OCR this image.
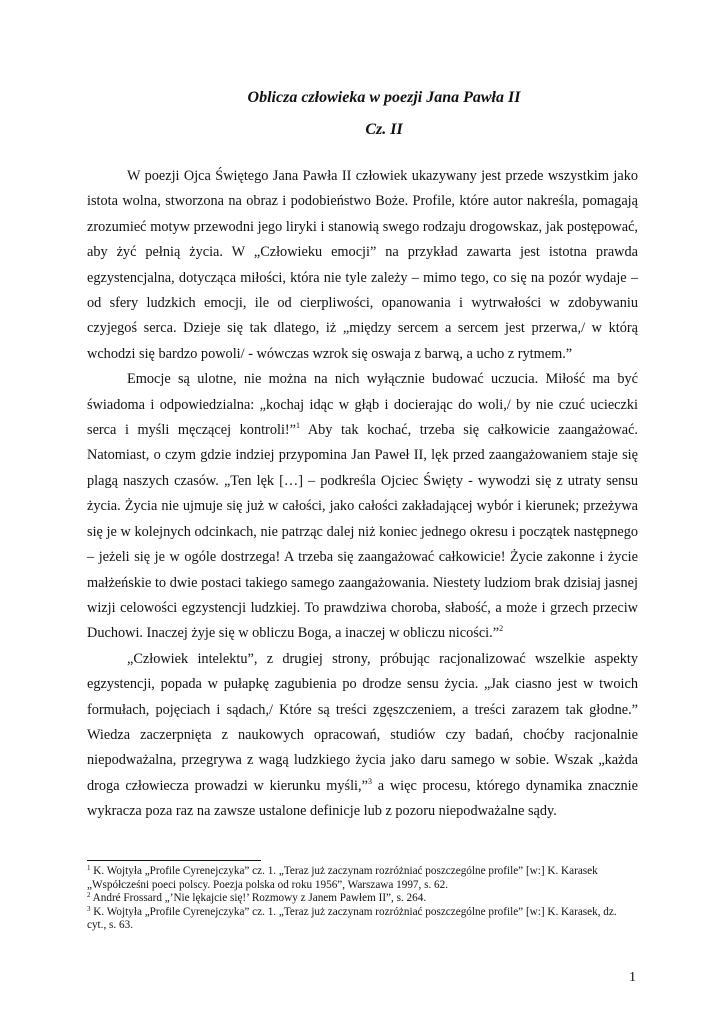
Oblicza człowieka w poezji Jana Pawła II
Cz. II

W poezji Ojca Świętego Jana Pawła II człowiek ukazywany jest przede wszystkim jako istota wolna, stworzona na obraz i podobieństwo Boże. Profile, które autor nakreśla, pomagają zrozumieć motyw przewodni jego liryki i stanowią swego rodzaju drogowskaz, jak postępować, aby żyć pełnią życia. W „Człowieku emocji” na przykład zawarta jest istotna prawda egzystencjalna, dotycząca miłości, która nie tyle zależy – mimo tego, co się na pozór wydaje – od sfery ludzkich emocji, ile od cierpliwości, opanowania i wytrwałości w zdobywaniu czyjegoś serca. Dzieje się tak dlatego, iż „między sercem a sercem jest przerwa,/ w którą wchodzi się bardzo powoli/ - wówczas wzrok się oswaja z barwą, a ucho z rytmem.”

Emocje są ulotne, nie można na nich wyłącznie budować uczucia. Miłość ma być świadoma i odpowiedzialna: „kochaj idąc w głąb i docierając do woli,/ by nie czuć ucieczki serca i myśli męczącej kontroli!”$^1$ Aby tak kochać, trzeba się całkowicie zaangażować. Natomiast, o czym gdzie indziej przypomina Jan Paweł II, lęk przed zaangażowaniem staje się plagą naszych czasów. „Ten lęk […] – podkreśla Ojciec Święty - wywodzi się z utraty sensu życia. Życia nie ujmuje się już w całości, jako całości zakładającej wybór i kierunek; przeżywa się je w kolejnych odcinkach, nie patrząc dalej niż koniec jednego okresu i początek następnego – jeżeli się je w ogóle dostrzega! A trzeba się zaangażować całkowicie! Życie zakonne i życie małżeńskie to dwie postaci takiego samego zaangażowania. Niestety ludziom brak dzisiaj jasnej wizji celowości egzystencji ludzkiej. To prawdziwa choroba, słabość, a może i grzech przeciw Duchowi. Inaczej żyje się w obliczu Boga, a inaczej w obliczu nicości.”$^2$

„Człowiek intelektu”, z drugiej strony, próbując racjonalizować wszelkie aspekty egzystencji, popada w pułapkę zagubienia po drodze sensu życia. „Jak ciasno jest w twoich formułach, pojęciach i sądach,/ Które są treści zgęszczeniem, a treści zarazem tak głodne.” Wiedza zaczerpnięta z naukowych opracowań, studiów czy badań, choćby racjonalnie niepodważalna, przegrywa z wagą ludzkiego życia jako daru samego w sobie. Wszak „każda droga człowiecza prowadzi w kierunku myśli,”$^3$ a więc procesu, którego dynamika znacznie wykracza poza raz na zawsze ustalone definicje lub z pozoru niepodważalne sądy.

$^1$ K. Wojtyła „Profile Cyrenejczyka” cz. 1. „Teraz już zaczynam rozróżniać poszczególne profile” [w:] K. Karasek „Współcześni poeci polscy. Poezja polska od roku 1956”, Warszawa 1997, s. 62.

$^2$ André Frossard „’Nie lękajcie się!’ Rozmowy z Janem Pawłem II”, s. 264.

$^3$ K. Wojtyła „Profile Cyrenejczyka” cz. 1. „Teraz już zaczynam rozróżniać poszczególne profile” [w:] K. Karasek, dz. cyt., s. 63.

1
